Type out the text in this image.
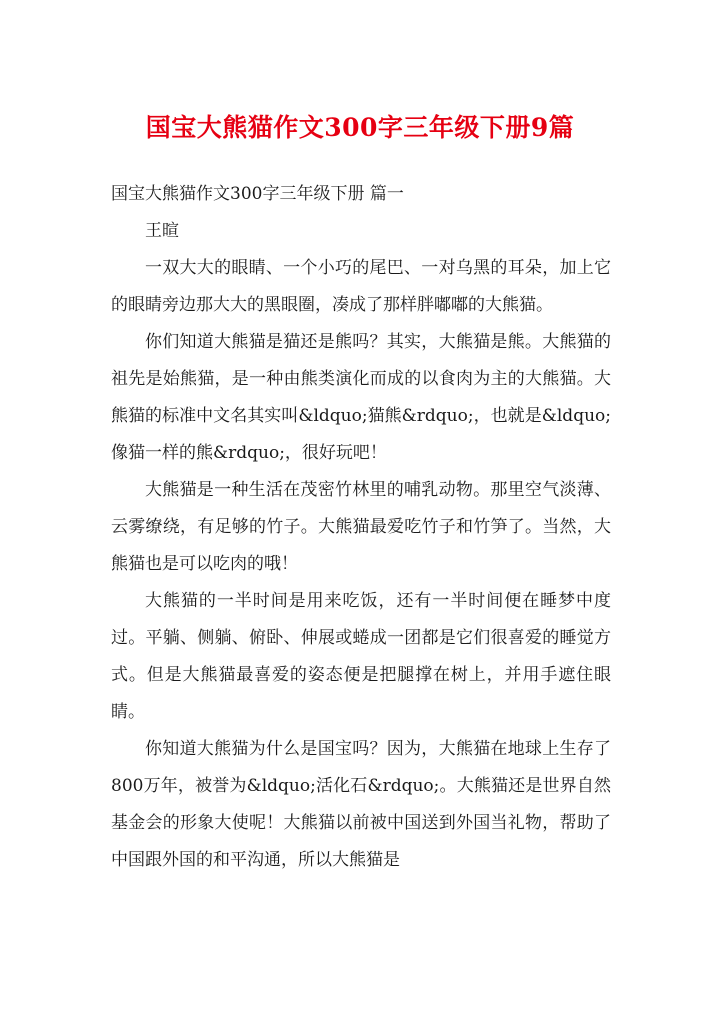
国宝大熊猫作文300字三年级下册9篇

国宝大熊猫作文300字三年级下册 篇一

王暄

一双大大的眼睛、一个小巧的尾巴、一对乌黑的耳朵，加上它的眼睛旁边那大大的黑眼圈，凑成了那样胖嘟嘟的大熊猫。

你们知道大熊猫是猫还是熊吗？其实，大熊猫是熊。大熊猫的祖先是始熊猫，是一种由熊类演化而成的以食肉为主的大熊猫。大熊猫的标准中文名其实叫&ldquo;猫熊&rdquo;，也就是&ldquo;像猫一样的熊&rdquo;，很好玩吧！

大熊猫是一种生活在茂密竹林里的哺乳动物。那里空气淡薄、云雾缭绕，有足够的竹子。大熊猫最爱吃竹子和竹笋了。当然，大熊猫也是可以吃肉的哦！

大熊猫的一半时间是用来吃饭，还有一半时间便在睡梦中度过。平躺、侧躺、俯卧、伸展或蜷成一团都是它们很喜爱的睡觉方式。但是大熊猫最喜爱的姿态便是把腿撑在树上，并用手遮住眼睛。

你知道大熊猫为什么是国宝吗？因为，大熊猫在地球上生存了800万年，被誉为&ldquo;活化石&rdquo;。大熊猫还是世界自然基金会的形象大使呢！大熊猫以前被中国送到外国当礼物，帮助了中国跟外国的和平沟通，所以大熊猫是
